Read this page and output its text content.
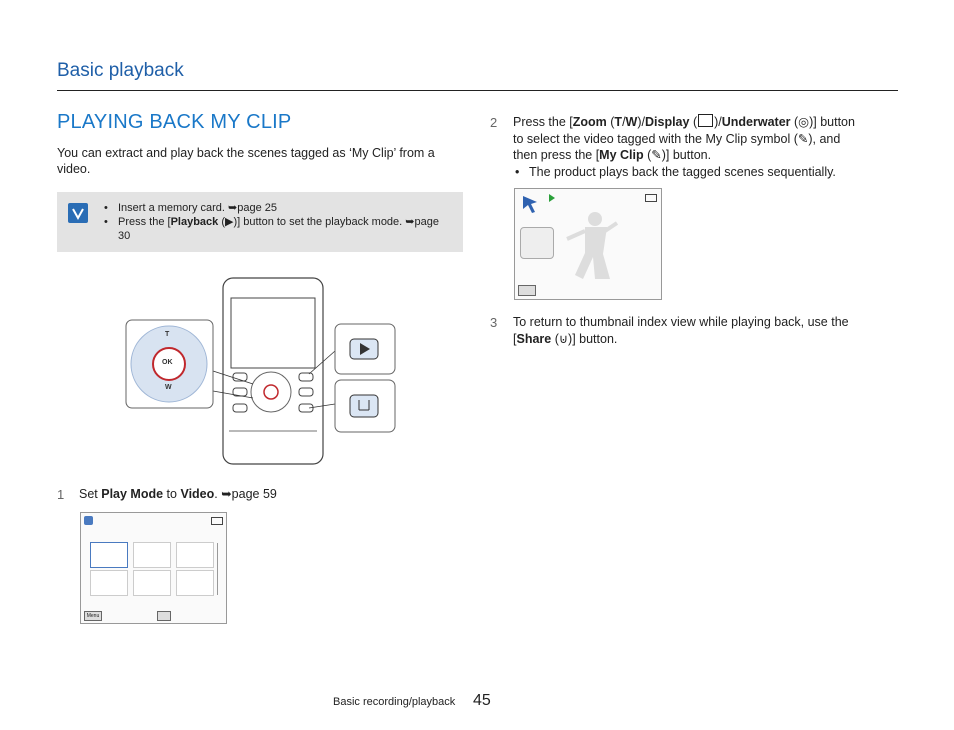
Basic playback
PLAYING BACK MY CLIP
You can extract and play back the scenes tagged as ‘My Clip’ from a video.
• Insert a memory card. ➥page 25
• Press the [Playback (▶)] button to set the playback mode. ➥page 30
T
W
OK
1 Set Play Mode to Video. ➥page 59
Menu
2 Press the [Zoom (T/W)/Display ( )/Underwater (◎)] button
to select the video tagged with the My Clip symbol (✎), and
then press the [My Clip (✎)] button.
• The product plays back the tagged scenes sequentially.
3 To return to thumbnail index view while playing back, use the
[Share (⊍)] button.
Basic recording/playback 45
